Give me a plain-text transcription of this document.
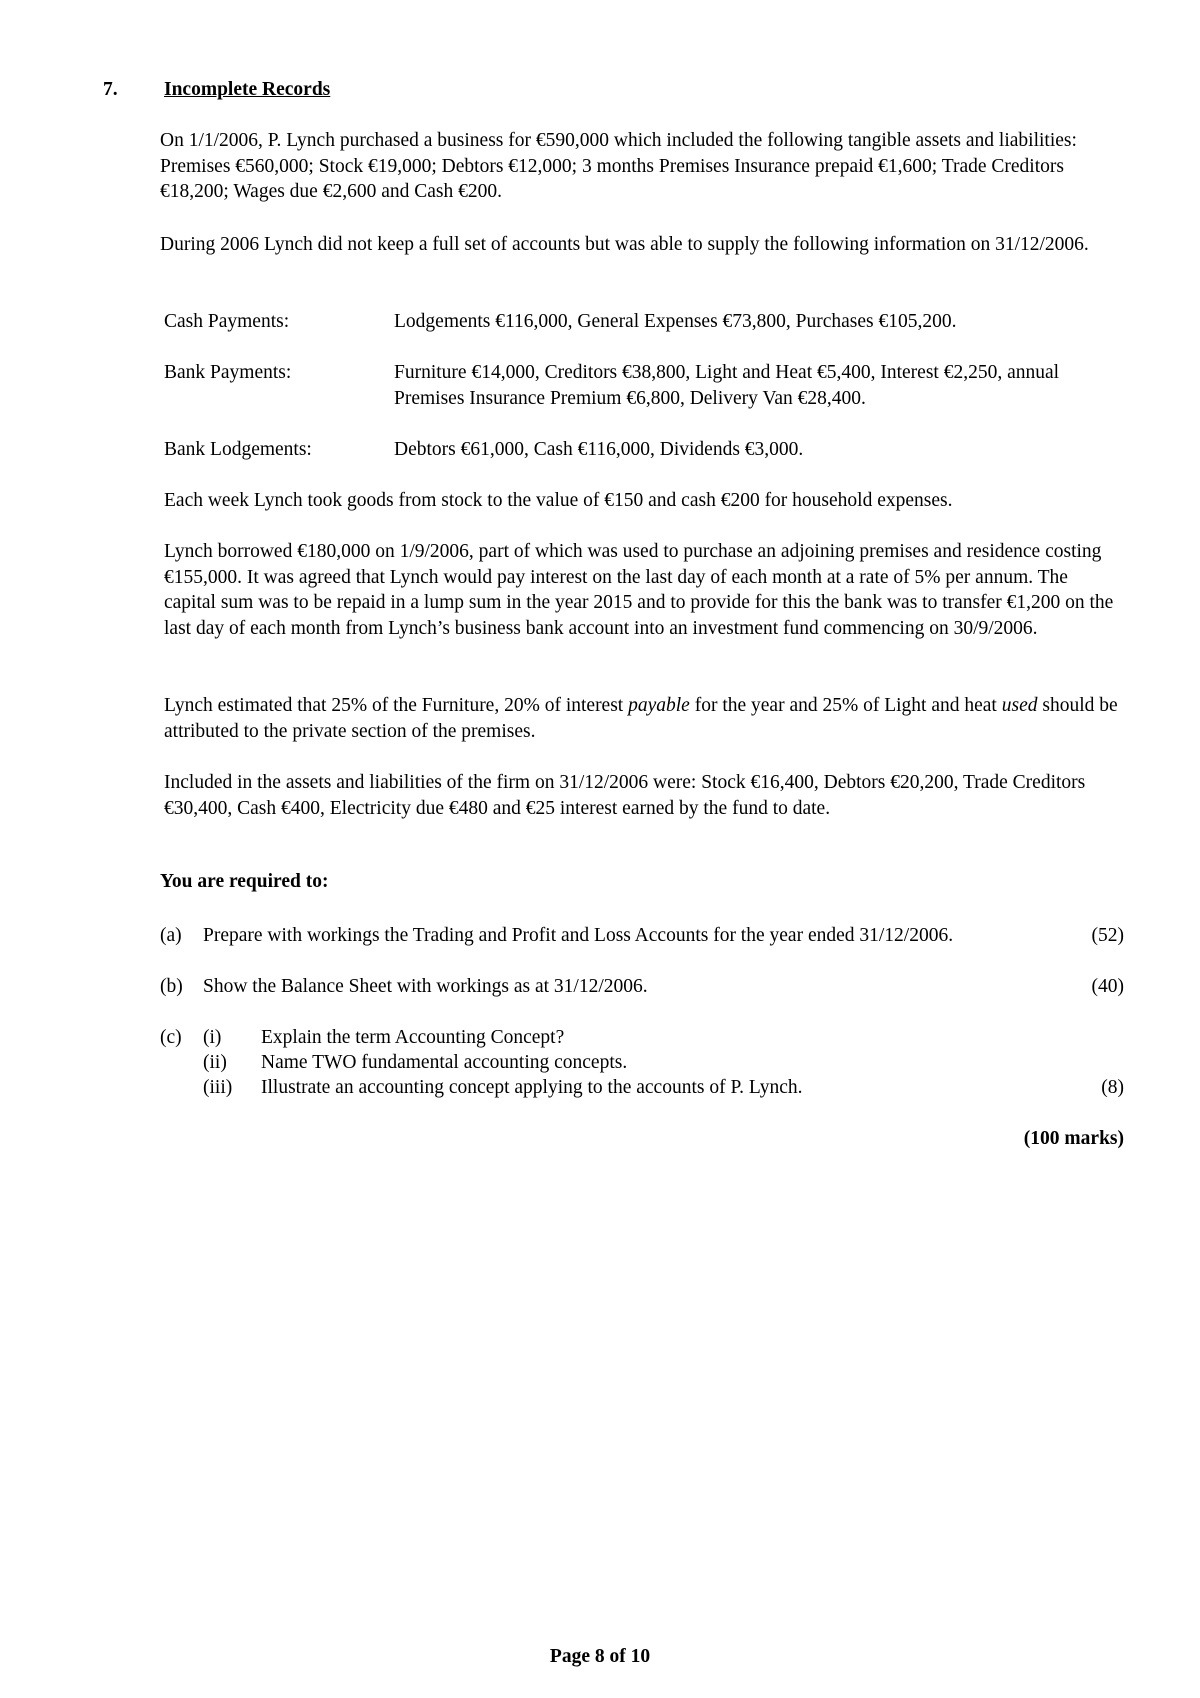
7. Incomplete Records

On 1/1/2006, P. Lynch purchased a business for €590,000 which included the following tangible assets and liabilities: Premises €560,000; Stock €19,000; Debtors €12,000; 3 months Premises Insurance prepaid €1,600; Trade Creditors €18,200; Wages due €2,600 and Cash €200.

During 2006 Lynch did not keep a full set of accounts but was able to supply the following information on 31/12/2006.

Cash Payments:	Lodgements €116,000, General Expenses €73,800, Purchases €105,200.
Bank Payments:	Furniture €14,000, Creditors €38,800, Light and Heat €5,400, Interest €2,250, annual Premises Insurance Premium €6,800, Delivery Van €28,400.
Bank Lodgements:	Debtors €61,000, Cash €116,000, Dividends €3,000.

Each week Lynch took goods from stock to the value of €150 and cash €200 for household expenses.

Lynch borrowed €180,000 on 1/9/2006, part of which was used to purchase an adjoining premises and residence costing €155,000. It was agreed that Lynch would pay interest on the last day of each month at a rate of 5% per annum. The capital sum was to be repaid in a lump sum in the year 2015 and to provide for this the bank was to transfer €1,200 on the last day of each month from Lynch’s business bank account into an investment fund commencing on 30/9/2006.

Lynch estimated that 25% of the Furniture, 20% of interest payable for the year and 25% of Light and heat used should be attributed to the private section of the premises.

Included in the assets and liabilities of the firm on 31/12/2006 were: Stock €16,400, Debtors €20,200, Trade Creditors €30,400, Cash €400, Electricity due €480 and €25 interest earned by the fund to date.

You are required to:
(a) Prepare with workings the Trading and Profit and Loss Accounts for the year ended 31/12/2006.	(52)
(b) Show the Balance Sheet with workings as at 31/12/2006.	(40)
(c) (i) Explain the term Accounting Concept?
(ii) Name TWO fundamental accounting concepts.
(iii) Illustrate an accounting concept applying to the accounts of P. Lynch.	(8)
(100 marks)
Page 8 of 10
